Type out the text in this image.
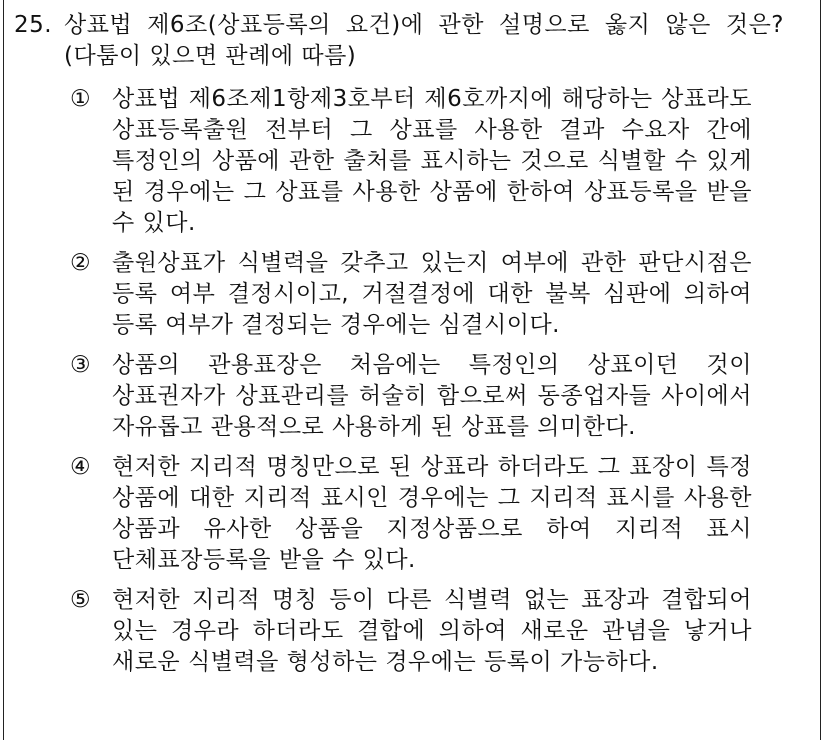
25. 상표법 제6조(상표등록의 요건)에 관한 설명으로 옳지 않은 것은? (다툼이 있으면 판례에 따름)
① 상표법 제6조제1항제3호부터 제6호까지에 해당하는 상표라도 상표등록출원 전부터 그 상표를 사용한 결과 수요자 간에 특정인의 상품에 관한 출처를 표시하는 것으로 식별할 수 있게 된 경우에는 그 상표를 사용한 상품에 한하여 상표등록을 받을 수 있다.
② 출원상표가 식별력을 갖추고 있는지 여부에 관한 판단시점은 등록 여부 결정시이고, 거절결정에 대한 불복 심판에 의하여 등록 여부가 결정되는 경우에는 심결시이다.
③ 상품의 관용표장은 처음에는 특정인의 상표이던 것이 상표권자가 상표관리를 허술히 함으로써 동종업자들 사이에서 자유롭고 관용적으로 사용하게 된 상표를 의미한다.
④ 현저한 지리적 명칭만으로 된 상표라 하더라도 그 표장이 특정 상품에 대한 지리적 표시인 경우에는 그 지리적 표시를 사용한 상품과 유사한 상품을 지정상품으로 하여 지리적 표시 단체표장등록을 받을 수 있다.
⑤ 현저한 지리적 명칭 등이 다른 식별력 없는 표장과 결합되어 있는 경우라 하더라도 결합에 의하여 새로운 관념을 낳거나 새로운 식별력을 형성하는 경우에는 등록이 가능하다.
